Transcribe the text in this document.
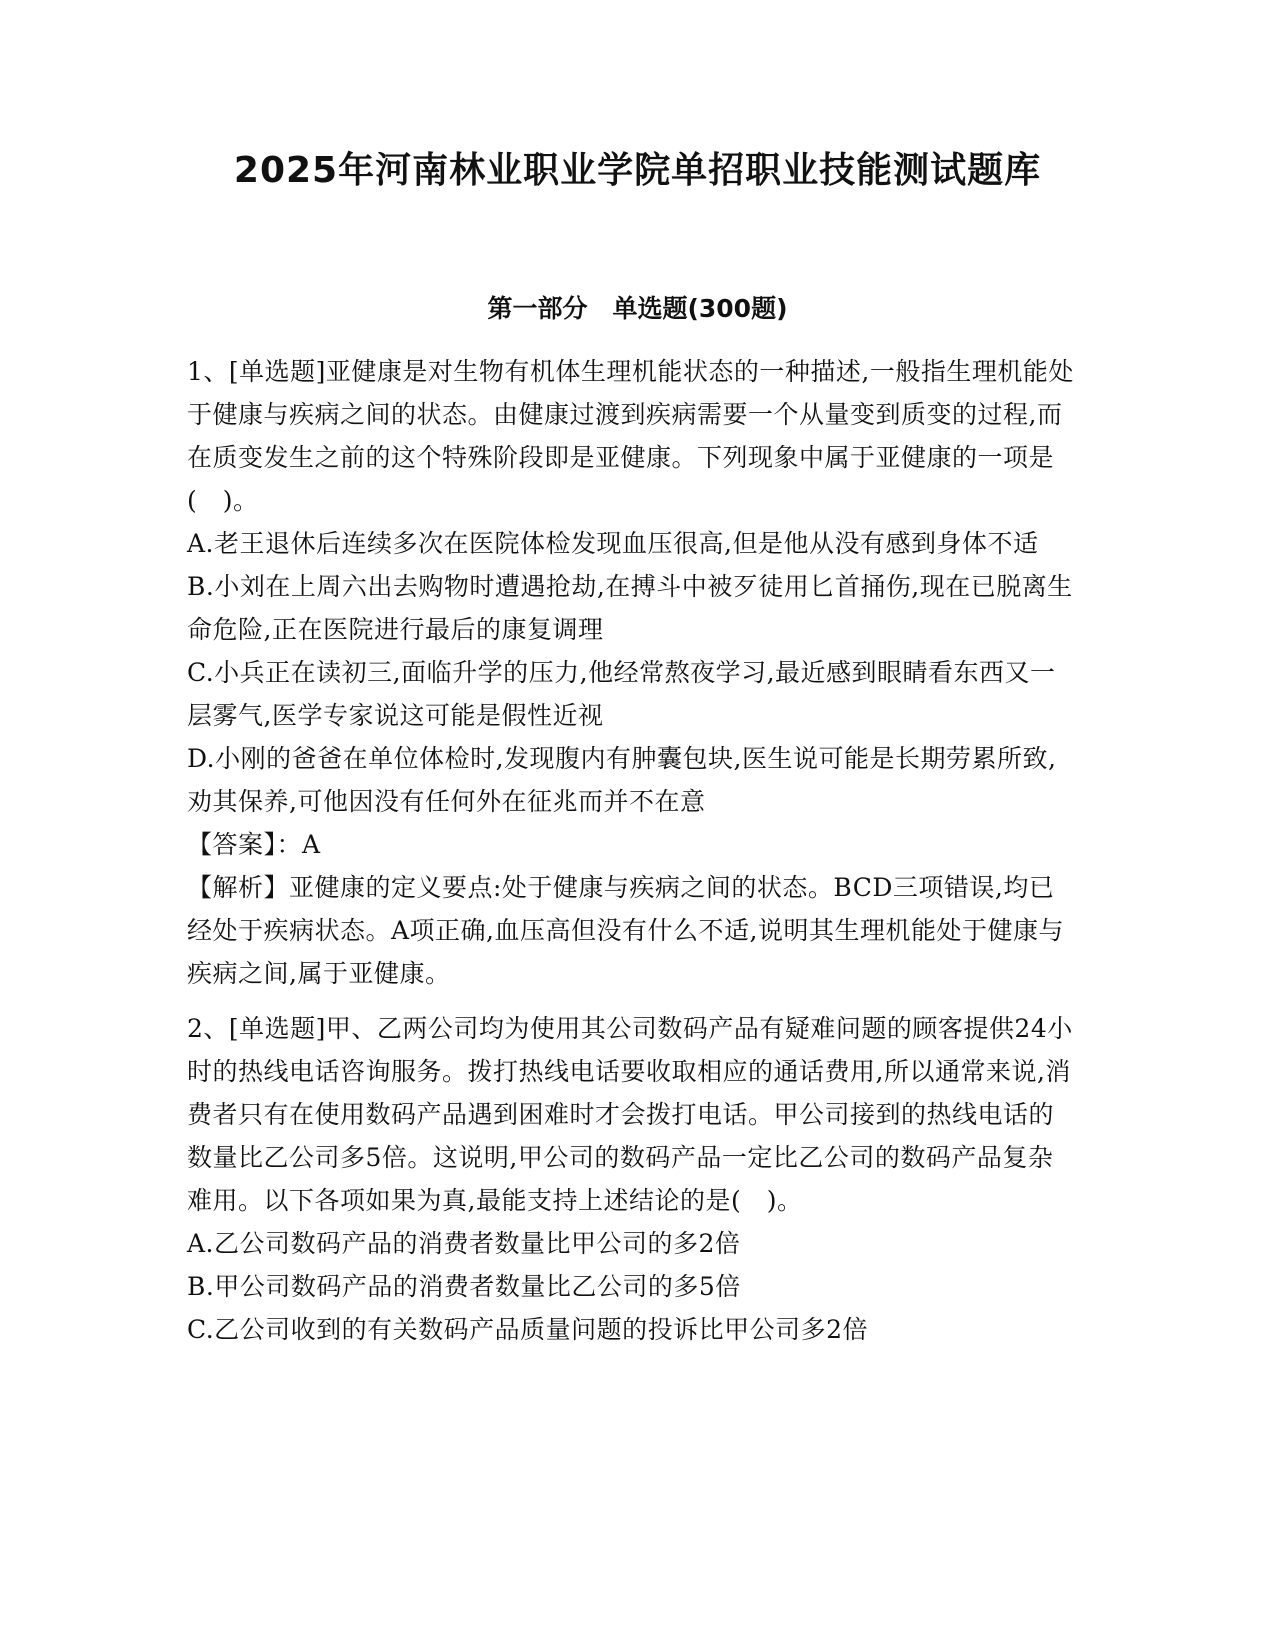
2025年河南林业职业学院单招职业技能测试题库
第一部分　单选题(300题)

1、[单选题]亚健康是对生物有机体生理机能状态的一种描述,一般指生理机能处于健康与疾病之间的状态。由健康过渡到疾病需要一个从量变到质变的过程,而在质变发生之前的这个特殊阶段即是亚健康。下列现象中属于亚健康的一项是(　)。

A.老王退休后连续多次在医院体检发现血压很高,但是他从没有感到身体不适

B.小刘在上周六出去购物时遭遇抢劫,在搏斗中被歹徒用匕首捅伤,现在已脱离生命危险,正在医院进行最后的康复调理

C.小兵正在读初三,面临升学的压力,他经常熬夜学习,最近感到眼睛看东西又一层雾气,医学专家说这可能是假性近视

D.小刚的爸爸在单位体检时,发现腹内有肿囊包块,医生说可能是长期劳累所致,劝其保养,可他因没有任何外在征兆而并不在意

【答案】：A

【解析】亚健康的定义要点:处于健康与疾病之间的状态。BCD三项错误,均已经处于疾病状态。A项正确,血压高但没有什么不适,说明其生理机能处于健康与疾病之间,属于亚健康。

2、[单选题]甲、乙两公司均为使用其公司数码产品有疑难问题的顾客提供24小时的热线电话咨询服务。拨打热线电话要收取相应的通话费用,所以通常来说,消费者只有在使用数码产品遇到困难时才会拨打电话。甲公司接到的热线电话的数量比乙公司多5倍。这说明,甲公司的数码产品一定比乙公司的数码产品复杂难用。以下各项如果为真,最能支持上述结论的是(　)。

A.乙公司数码产品的消费者数量比甲公司的多2倍

B.甲公司数码产品的消费者数量比乙公司的多5倍

C.乙公司收到的有关数码产品质量问题的投诉比甲公司多2倍
